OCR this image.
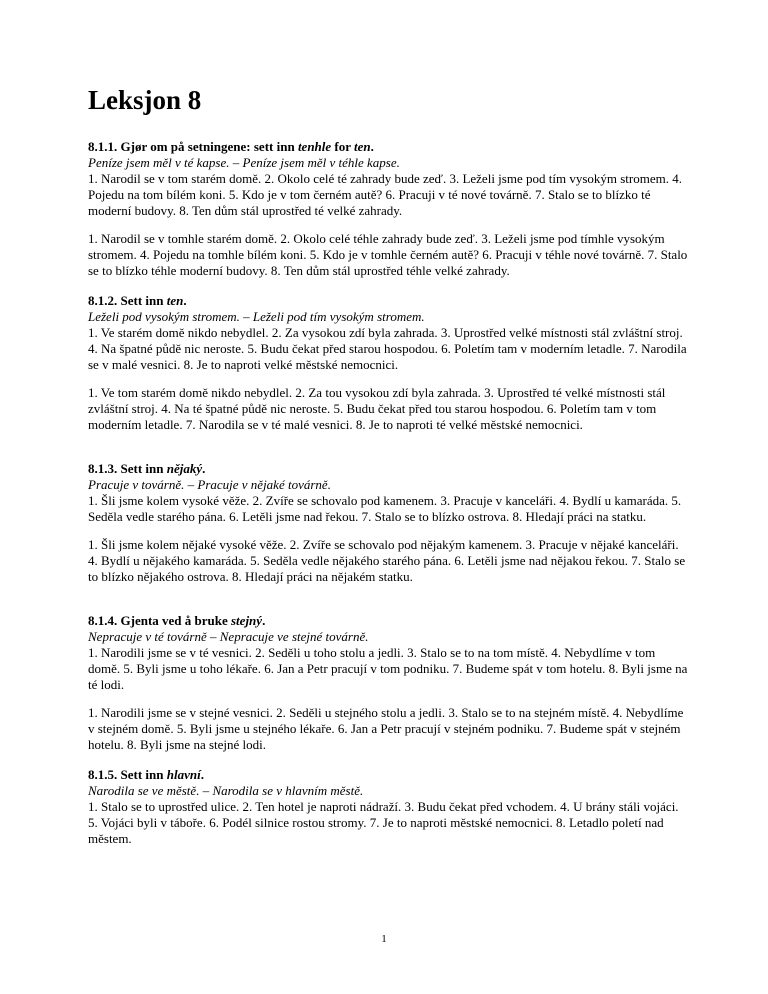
Leksjon 8
8.1.1. Gjør om på setningene: sett inn tenhle for ten.
Peníze jsem měl v té kapse. – Peníze jsem měl v téhle kapse.

1. Narodil se v tom starém domě. 2. Okolo celé té zahrady bude zeď. 3. Leželi jsme pod tím vysokým stromem. 4. Pojedu na tom bílém koni. 5. Kdo je v tom černém autě? 6. Pracuji v té nové továrně. 7. Stalo se to blízko té moderní budovy. 8. Ten dům stál uprostřed té velké zahrady.

1. Narodil se v tomhle starém domě. 2. Okolo celé téhle zahrady bude zeď. 3. Leželi jsme pod tímhle vysokým stromem. 4. Pojedu na tomhle bílém koni. 5. Kdo je v tomhle černém autě? 6. Pracuji v téhle nové továrně. 7. Stalo se to blízko téhle moderní budovy. 8. Ten dům stál uprostřed téhle velké zahrady.

8.1.2. Sett inn ten.
Leželi pod vysokým stromem. – Leželi pod tím vysokým stromem.

1. Ve starém domě nikdo nebydlel. 2. Za vysokou zdí byla zahrada. 3. Uprostřed velké místnosti stál zvláštní stroj. 4. Na špatné půdě nic neroste. 5. Budu čekat před starou hospodou. 6. Poletím tam v moderním letadle. 7. Narodila se v malé vesnici. 8. Je to naproti velké městské nemocnici.

1. Ve tom starém domě nikdo nebydlel. 2. Za tou vysokou zdí byla zahrada. 3. Uprostřed té velké místnosti stál zvláštní stroj. 4. Na té špatné půdě nic neroste. 5. Budu čekat před tou starou hospodou. 6. Poletím tam v tom moderním letadle. 7. Narodila se v té malé vesnici. 8. Je to naproti té velké městské nemocnici.

8.1.3. Sett inn nějaký.
Pracuje v továrně. – Pracuje v nějaké továrně.

1. Šli jsme kolem vysoké věže. 2. Zvíře se schovalo pod kamenem. 3. Pracuje v kanceláři. 4. Bydlí u kamaráda. 5. Seděla vedle starého pána. 6. Letěli jsme nad řekou. 7. Stalo se to blízko ostrova. 8. Hledají práci na statku.

1. Šli jsme kolem nějaké vysoké věže. 2. Zvíře se schovalo pod nějakým kamenem. 3. Pracuje v nějaké kanceláři. 4. Bydlí u nějakého kamaráda. 5. Seděla vedle nějakého starého pána. 6. Letěli jsme nad nějakou řekou. 7. Stalo se to blízko nějakého ostrova. 8. Hledají práci na nějakém statku.

8.1.4. Gjenta ved å bruke stejný.
Nepracuje v té továrně – Nepracuje ve stejné továrně.

1. Narodili jsme se v té vesnici. 2. Seděli u toho stolu a jedli. 3. Stalo se to na tom místě. 4. Nebydlíme v tom domě. 5. Byli jsme u toho lékaře. 6. Jan a Petr pracují v tom podniku. 7. Budeme spát v tom hotelu. 8. Byli jsme na té lodi.

1. Narodili jsme se v stejné vesnici. 2. Seděli u stejného stolu a jedli. 3. Stalo se to na stejném místě. 4. Nebydlíme v stejném domě. 5. Byli jsme u stejného lékaře. 6. Jan a Petr pracují v stejném podniku. 7. Budeme spát v stejném hotelu. 8. Byli jsme na stejné lodi.

8.1.5. Sett inn hlavní.
Narodila se ve městě. – Narodila se v hlavním městě.

1. Stalo se to uprostřed ulice. 2. Ten hotel je naproti nádraží. 3. Budu čekat před vchodem. 4. U brány stáli vojáci. 5. Vojáci byli v táboře. 6. Podél silnice rostou stromy. 7. Je to naproti městské nemocnici. 8. Letadlo poletí nad městem.

1
